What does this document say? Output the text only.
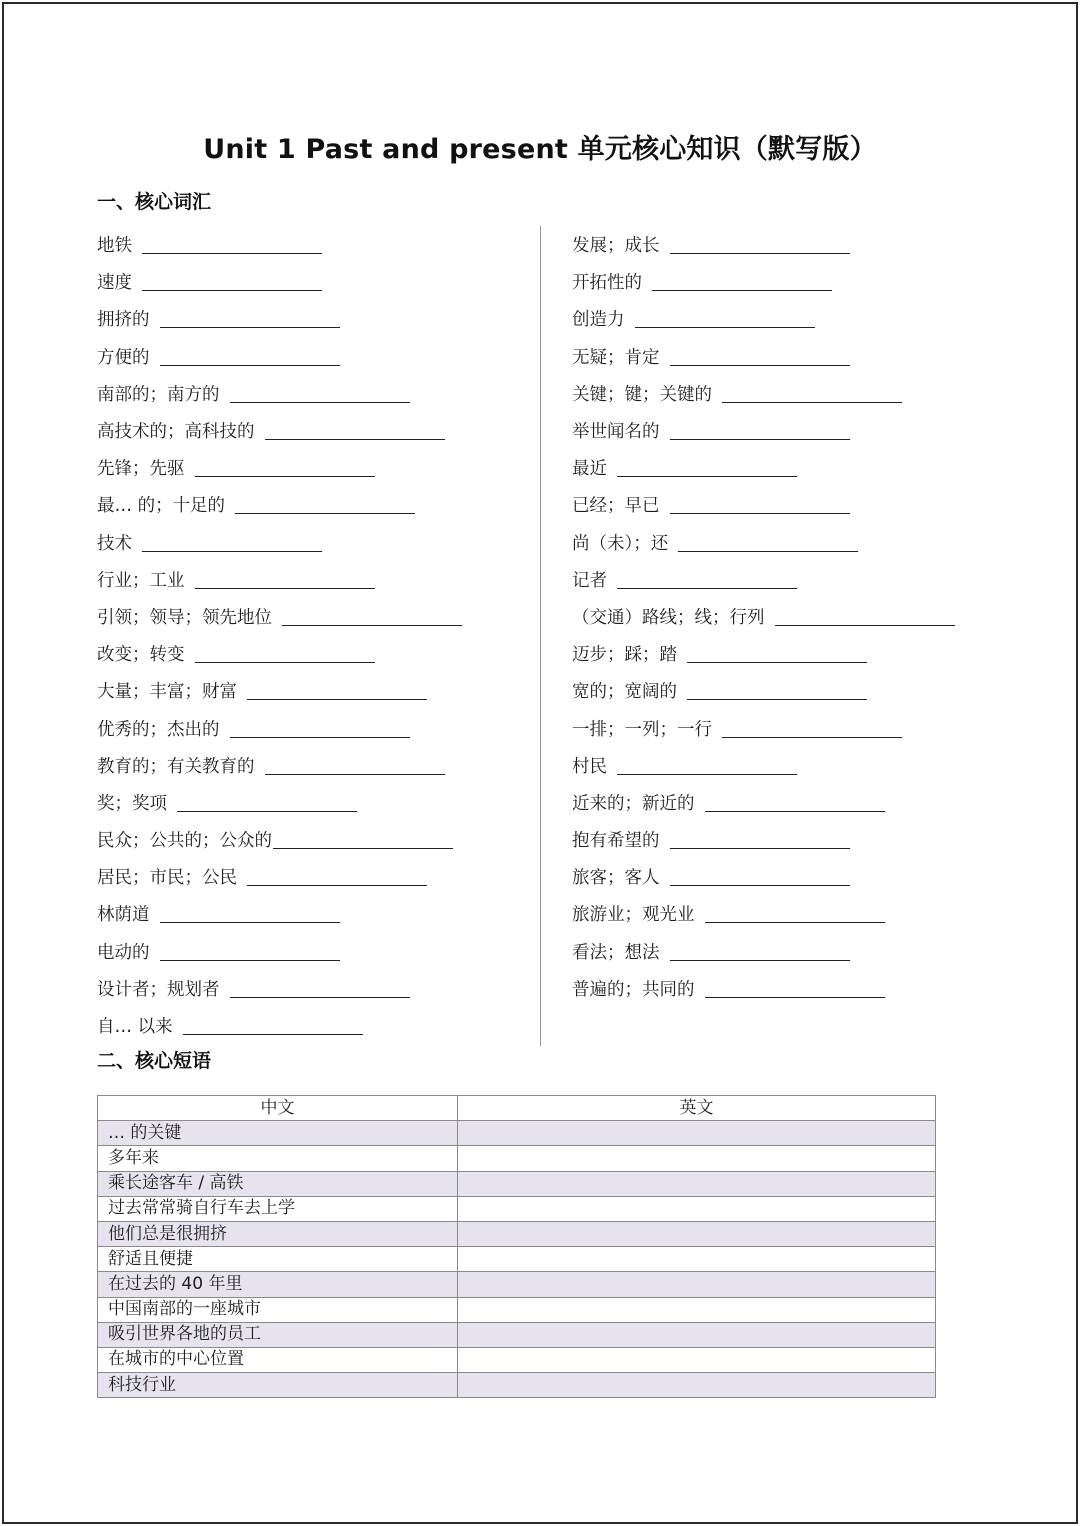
Unit 1 Past and present 单元核心知识（默写版）
一、核心词汇
地铁
速度
拥挤的
方便的
南部的；南方的
高技术的；高科技的
先锋；先驱
最… 的；十足的
技术
行业；工业
引领；领导；领先地位
改变；转变
大量；丰富；财富
优秀的；杰出的
教育的；有关教育的
奖；奖项
民众；公共的；公众的
居民；市民；公民
林荫道
电动的
设计者；规划者
自… 以来
发展；成长
开拓性的
创造力
无疑；肯定
关键；键；关键的
举世闻名的
最近
已经；早已
尚（未）；还
记者
（交通）路线；线；行列
迈步；踩；踏
宽的；宽阔的
一排；一列；一行
村民
近来的；新近的
抱有希望的
旅客；客人
旅游业；观光业
看法；想法
普遍的；共同的
二、核心短语
中文	英文
… 的关键	
多年来	
乘长途客车 / 高铁	
过去常常骑自行车去上学	
他们总是很拥挤	
舒适且便捷	
在过去的 40 年里	
中国南部的一座城市	
吸引世界各地的员工	
在城市的中心位置	
科技行业	
